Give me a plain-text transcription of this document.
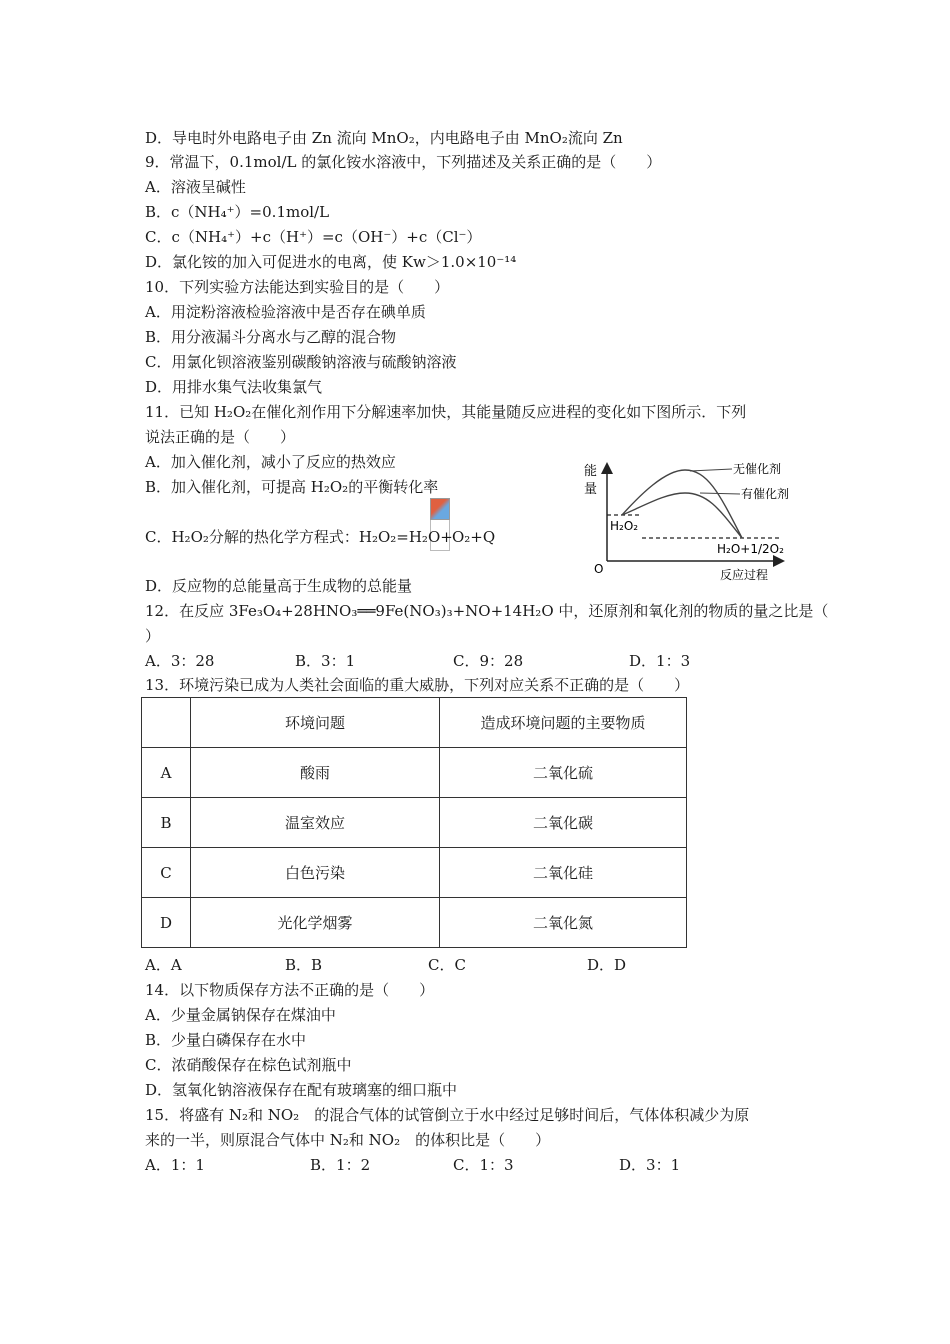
D．导电时外电路电子由 Zn 流向 MnO₂，内电路电子由 MnO₂流向 Zn
9．常温下，0.1mol/L 的氯化铵水溶液中，下列描述及关系正确的是（　　）
A．溶液呈碱性
B．c（NH₄⁺）=0.1mol/L
C．c（NH₄⁺）+c（H⁺）=c（OH⁻）+c（Cl⁻）
D．氯化铵的加入可促进水的电离，使 Kw＞1.0×10⁻¹⁴
10．下列实验方法能达到实验目的是（　　）
A．用淀粉溶液检验溶液中是否存在碘单质
B．用分液漏斗分离水与乙醇的混合物
C．用氯化钡溶液鉴别碳酸钠溶液与硫酸钠溶液
D．用排水集气法收集氯气
11．已知 H₂O₂在催化剂作用下分解速率加快，其能量随反应进程的变化如下图所示．下列
说法正确的是（　　）
A．加入催化剂，减小了反应的热效应
B．加入催化剂，可提高 H₂O₂的平衡转化率
C．H₂O₂分解的热化学方程式：H₂O₂=H₂O+ O₂+Q
D．反应物的总能量高于生成物的总能量
能
量
O	反应过程
无催化剂
有催化剂
H₂O₂
H₂O+1/2O₂
12．在反应 3Fe₃O₄+28HNO₃══9Fe(NO₃)₃+NO+14H₂O 中，还原剂和氧化剂的物质的量之比是（
）
A．3：28	B．3：1	C．9：28	D．1：3
13．环境污染已成为人类社会面临的重大威胁，下列对应关系不正确的是（　　）
	环境问题	造成环境问题的主要物质
A	酸雨	二氧化硫
B	温室效应	二氧化碳
C	白色污染	二氧化硅
D	光化学烟雾	二氧化氮
A．A	B．B	C．C	D．D
14．以下物质保存方法不正确的是（　　）
A．少量金属钠保存在煤油中
B．少量白磷保存在水中
C．浓硝酸保存在棕色试剂瓶中
D．氢氧化钠溶液保存在配有玻璃塞的细口瓶中
15．将盛有 N₂和 NO₂　的混合气体的试管倒立于水中经过足够时间后，气体体积减少为原
来的一半，则原混合气体中 N₂和 NO₂　的体积比是（　　）
A．1：1	B．1：2	C．1：3	D．3：1
